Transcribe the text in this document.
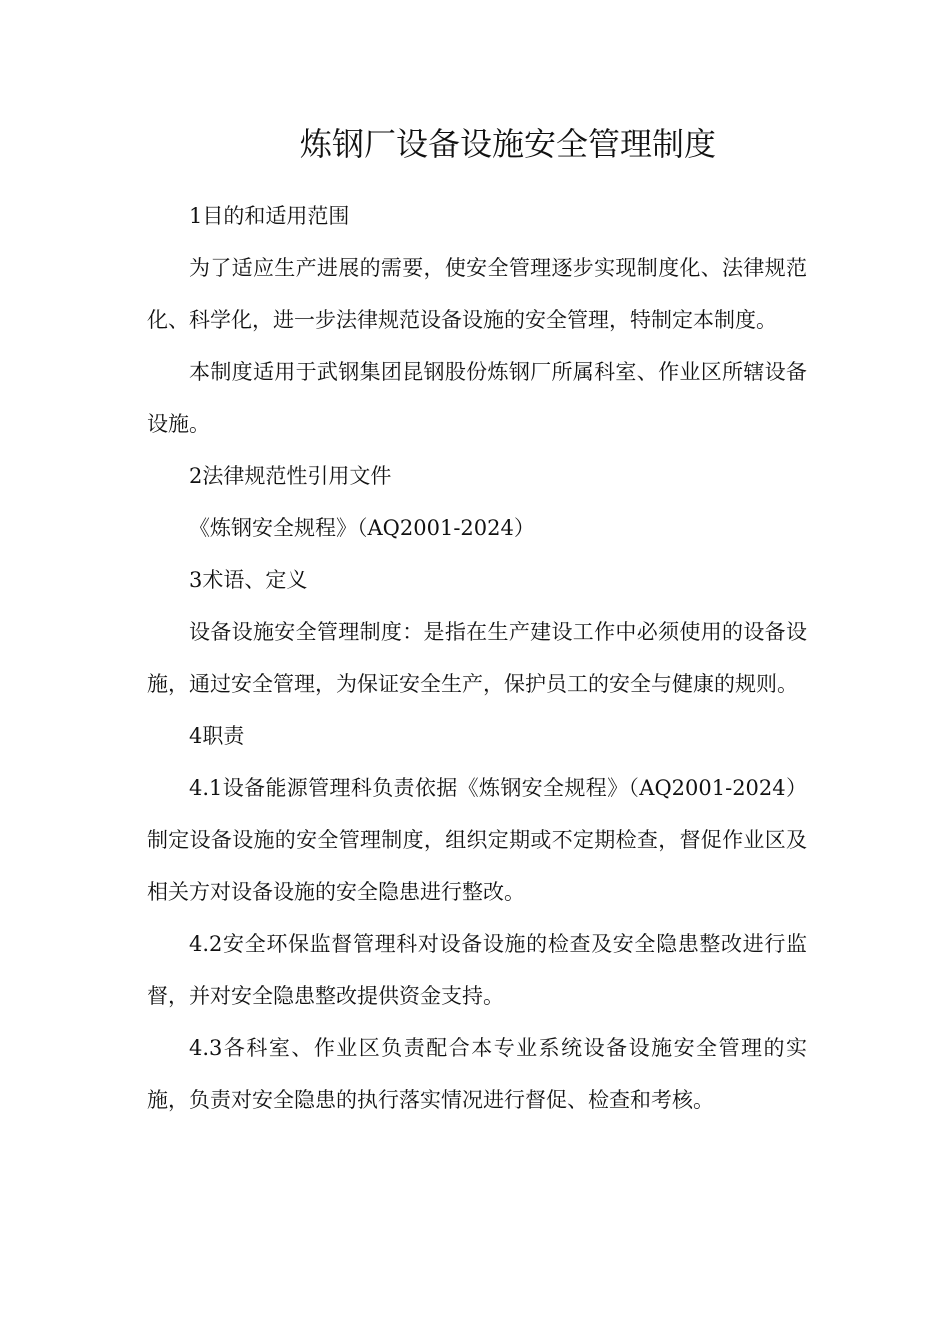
炼钢厂设备设施安全管理制度

1目的和适用范围

为了适应生产进展的需要，使安全管理逐步实现制度化、法律规范化、科学化，进一步法律规范设备设施的安全管理，特制定本制度。

本制度适用于武钢集团昆钢股份炼钢厂所属科室、作业区所辖设备设施。

2法律规范性引用文件

《炼钢安全规程》（AQ2001-2024）

3术语、定义

设备设施安全管理制度：是指在生产建设工作中必须使用的设备设施，通过安全管理，为保证安全生产，保护员工的安全与健康的规则。

4职责

4.1设备能源管理科负责依据《炼钢安全规程》（AQ2001-2024）制定设备设施的安全管理制度，组织定期或不定期检查，督促作业区及相关方对设备设施的安全隐患进行整改。

4.2安全环保监督管理科对设备设施的检查及安全隐患整改进行监督，并对安全隐患整改提供资金支持。

4.3各科室、作业区负责配合本专业系统设备设施安全管理的实施，负责对安全隐患的执行落实情况进行督促、检查和考核。
